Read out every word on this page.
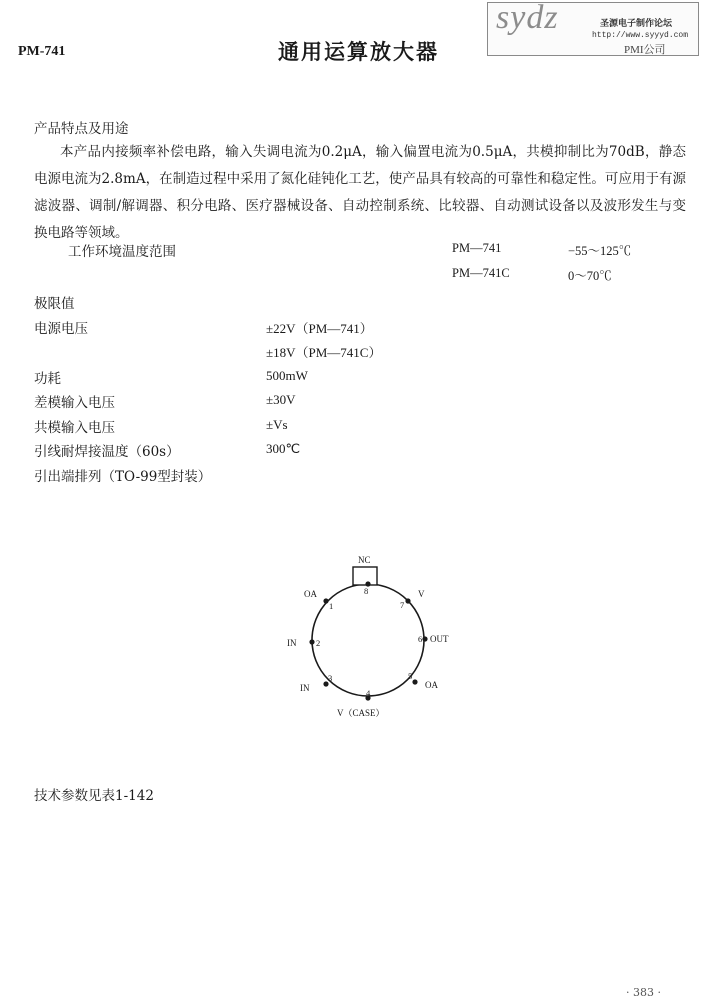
PM-741	通用运算放大器
sydz	圣源电子制作论坛
http://www.syyyd.com
PMI公司
产品特点及用途

本产品内接频率补偿电路，输入失调电流为0.2μA，输入偏置电流为0.5μA，共模抑制比为70dB，静态电源电流为2.8mA，在制造过程中采用了氮化硅钝化工艺，使产品具有较高的可靠性和稳定性。可应用于有源滤波器、调制/解调器、积分电路、医疗器械设备、自动控制系统、比较器、自动测试设备以及波形发生与变换电路等领域。

工作环境温度范围	PM—741	−55～125℃
PM—741C	0～70℃
极限值
电源电压	±22V（PM—741）
±18V（PM—741C）
功耗	500mW
差模输入电压	±30V
共模输入电压	±Vs
引线耐焊接温度（60s）	300℃
引出端排列（TO-99型封装）
NC
8
1
OA
7
V
2
IN	6 OUT
3
IN
5
OA
4
V（CASE）
技术参数见表1-142
· 383 ·
